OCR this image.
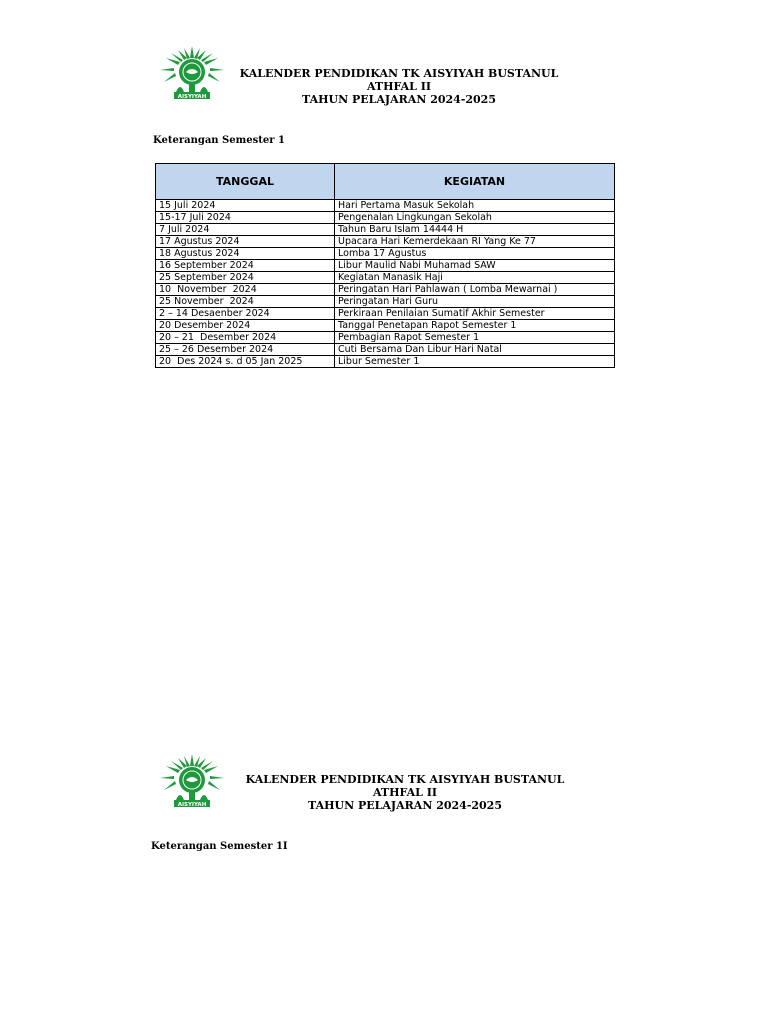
AISYIYAH
KALENDER PENDIDIKAN TK AISYIYAH BUSTANUL ATHFAL II
TAHUN PELAJARAN 2024-2025
Keterangan Semester 1
TANGGAL	KEGIATAN
15 Juli 2024	Hari Pertama Masuk Sekolah
15-17 Juli 2024	Pengenalan Lingkungan Sekolah
7 Juli 2024	Tahun Baru Islam 14444 H
17 Agustus 2024	Upacara Hari Kemerdekaan RI Yang Ke 77
18 Agustus 2024	Lomba 17 Agustus
16 September 2024	Libur Maulid Nabi Muhamad SAW
25 September 2024	Kegiatan Manasik Haji
10  November  2024	Peringatan Hari Pahlawan ( Lomba Mewarnai )
25 November  2024	Peringatan Hari Guru
2 – 14 Desaenber 2024	Perkiraan Penilaian Sumatif Akhir Semester
20 Desember 2024	Tanggal Penetapan Rapot Semester 1
20 – 21  Desember 2024	Pembagian Rapot Semester 1
25 – 26 Desember 2024	Cuti Bersama Dan Libur Hari Natal
20  Des 2024 s. d 05 Jan 2025	Libur Semester 1
AISYIYAH
KALENDER PENDIDIKAN TK AISYIYAH BUSTANUL ATHFAL II
TAHUN PELAJARAN 2024-2025
Keterangan Semester 1I
